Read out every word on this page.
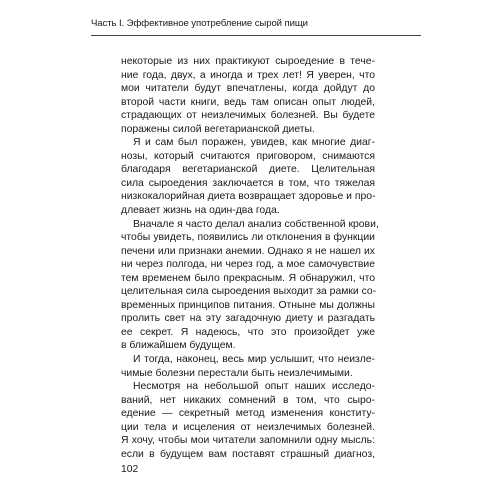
Часть I. Эффективное употребление сырой пищи
некоторые из них практикуют сыроедение в тече-
ние года, двух, а иногда и трех лет! Я уверен, что
мои читатели будут впечатлены, когда дойдут до
второй части книги, ведь там описан опыт людей,
страдающих от неизлечимых болезней. Вы будете
поражены силой вегетарианской диеты.
Я и сам был поражен, увидев, как многие диаг-
нозы, который считаются приговором, снимаются
благодаря вегетарианской диете. Целительная
сила сыроедения заключается в том, что тяжелая
низкокалорийная диета возвращает здоровье и про-
длевает жизнь на один-два года.
Вначале я часто делал анализ собственной крови,
чтобы увидеть, появились ли отклонения в функции
печени или признаки анемии. Однако я не нашел их
ни через полгода, ни через год, а мое самочувствие
тем временем было прекрасным. Я обнаружил, что
целительная сила сыроедения выходит за рамки со-
временных принципов питания. Отныне мы должны
пролить свет на эту загадочную диету и разгадать
ее секрет. Я надеюсь, что это произойдет уже
в ближайшем будущем.
И тогда, наконец, весь мир услышит, что неизле-
чимые болезни перестали быть неизлечимыми.
Несмотря на небольшой опыт наших исследо-
ваний, нет никаких сомнений в том, что сыро-
едение — секретный метод изменения конститу-
ции тела и исцеления от неизлечимых болезней.
Я хочу, чтобы мои читатели запомнили одну мысль:
если в будущем вам поставят страшный диагноз,
102
